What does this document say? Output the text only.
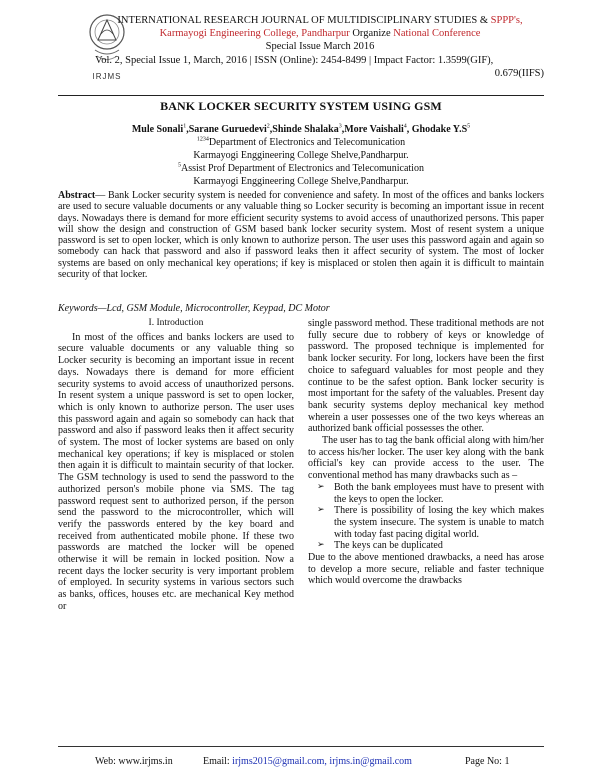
IRJMS
INTERNATIONAL RESEARCH JOURNAL OF MULTIDISCIPLINARY STUDIES & SPPP's,
Karmayogi Engineering College, Pandharpur Organize National Conference
Special Issue March 2016
Vol. 2, Special Issue 1, March, 2016 | ISSN (Online): 2454-8499 | Impact Factor: 1.3599(GIF),
0.679(IIFS)
BANK LOCKER SECURITY SYSTEM USING GSM
Mule Sonali$^1$,Sarane Guruedevi$^2$,Shinde Shalaka$^3$,More Vaishali$^4$, Ghodake $Y.S^5$
$^{1234}$Department of Electronics and Telecomunication
Karmayogi Enggineering College Shelve,Pandharpur.
$^5$Assist Prof Department of Electronics and Telecomunication
Karmayogi Enggineering College Shelve,Pandharpur.
Abstract— Bank Locker security system is needed for convenience and safety. In most of the offices and banks lockers are used to secure valuable documents or any valuable thing so Locker security is becoming an important issue in recent days. Nowadays there is demand for more efficient security systems to avoid access of unauthorized persons. This paper will show the design and construction of GSM based bank locker security system. Most of resent system a unique password is set to open locker, which is only known to authorize person. The user uses this password again and again so somebody can hack that password and also if password leaks then it affect security of system. The most of locker systems are based on only mechanical key operations; if key is misplaced or stolen then again it is difficult to maintain security of that locker.
Keywords—Lcd, GSM Module, Microcontroller, Keypad, DC Motor
I. Introduction

In most of the offices and banks lockers are used to secure valuable documents or any valuable thing so Locker security is becoming an important issue in recent days. Nowadays there is demand for more efficient security systems to avoid access of unauthorized persons. In resent system a unique password is set to open locker, which is only known to authorize person. The user uses this password again and again so somebody can hack that password and also if password leaks then it affect security of system. The most of locker systems are based on only mechanical key operations; if key is misplaced or stolen then again it is difficult to maintain security of that locker. The GSM technology is used to send the password to the authorized person's mobile phone via SMS. The tag password request sent to authorized person, if the person send the password to the microcontroller, which will verify the passwords entered by the key board and received from authenticated mobile phone. If these two passwords are matched the locker will be opened otherwise it will be remain in locked position. Now a recent days the locker security is very important problem of employed. In security systems in various sectors such as banks, offices, houses etc. are mechanical Key method or

single password method. These traditional methods are not fully secure due to robbery of keys or knowledge of password. The proposed technique is implemented for bank locker security. For long, lockers have been the first choice to safeguard valuables for most people and they continue to be the safest option. Bank locker security is most important for the safety of the valuables. Present day bank security systems deploy mechanical key method wherein a user possesses one of the two keys whereas an authorized bank official possesses the other.

The user has to tag the bank official along with him/her to access his/her locker. The user key along with the bank official's key can provide access to the user. The conventional method has many drawbacks such as –

➢ Both the bank employees must have to present with the keys to open the locker.
➢ There is possibility of losing the key which makes the system insecure. The system is unable to match with today fast pacing digital world.
➢ The keys can be duplicated

Due to the above mentioned drawbacks, a need has arose to develop a more secure, reliable and faster technique which would overcome the drawbacks

Web: www.irjms.in	Email: irjms2015@gmail.com, irjms.in@gmail.com	Page No: 1
